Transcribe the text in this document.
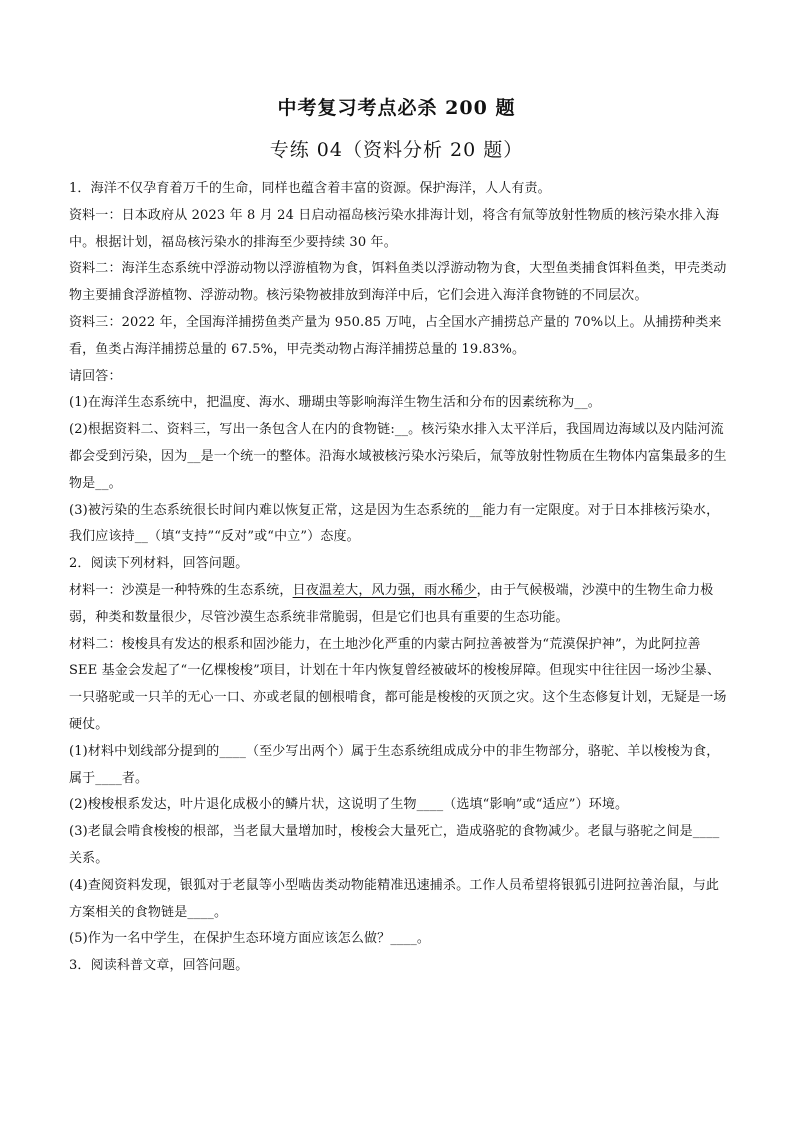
中考复习考点必杀 200 题
专练 04（资料分析 20 题）

1．海洋不仅孕育着万千的生命，同样也蕴含着丰富的资源。保护海洋，人人有责。

资料一：日本政府从 2023 年 8 月 24 日启动福岛核污染水排海计划，将含有氚等放射性物质的核污染水排入海中。根据计划，福岛核污染水的排海至少要持续 30 年。

资料二：海洋生态系统中浮游动物以浮游植物为食，饵料鱼类以浮游动物为食，大型鱼类捕食饵料鱼类，甲壳类动物主要捕食浮游植物、浮游动物。核污染物被排放到海洋中后，它们会进入海洋食物链的不同层次。

资料三：2022 年，全国海洋捕捞鱼类产量为 950.85 万吨，占全国水产捕捞总产量的 70%以上。从捕捞种类来看，鱼类占海洋捕捞总量的 67.5%，甲壳类动物占海洋捕捞总量的 19.83%。

请回答：

(1)在海洋生态系统中，把温度、海水、珊瑚虫等影响海洋生物生活和分布的因素统称为__。

(2)根据资料二、资料三，写出一条包含人在内的食物链:__。核污染水排入太平洋后，我国周边海域以及内陆河流都会受到污染，因为__是一个统一的整体。沿海水域被核污染水污染后，氚等放射性物质在生物体内富集最多的生物是__。

(3)被污染的生态系统很长时间内难以恢复正常，这是因为生态系统的__能力有一定限度。对于日本排核污染水，我们应该持__（填“支持”“反对”或“中立”）态度。

2．阅读下列材料，回答问题。

材料一：沙漠是一种特殊的生态系统，日夜温差大，风力强，雨水稀少，由于气候极端，沙漠中的生物生命力极弱，种类和数量很少，尽管沙漠生态系统非常脆弱，但是它们也具有重要的生态功能。

材料二：梭梭具有发达的根系和固沙能力，在土地沙化严重的内蒙古阿拉善被誉为“荒漠保护神”，为此阿拉善 SEE 基金会发起了“一亿棵梭梭”项目，计划在十年内恢复曾经被破坏的梭梭屏障。但现实中往往因一场沙尘暴、一只骆驼或一只羊的无心一口、亦或老鼠的刨根啃食，都可能是梭梭的灭顶之灾。这个生态修复计划，无疑是一场硬仗。

(1)材料中划线部分提到的____（至少写出两个）属于生态系统组成成分中的非生物部分，骆驼、羊以梭梭为食，属于____者。

(2)梭梭根系发达，叶片退化成极小的鳞片状，这说明了生物____（选填“影响”或“适应”）环境。

(3)老鼠会啃食梭梭的根部，当老鼠大量增加时，梭梭会大量死亡，造成骆驼的食物减少。老鼠与骆驼之间是____关系。

(4)查阅资料发现，银狐对于老鼠等小型啮齿类动物能精准迅速捕杀。工作人员希望将银狐引进阿拉善治鼠，与此方案相关的食物链是____。

(5)作为一名中学生，在保护生态环境方面应该怎么做？____。

3．阅读科普文章，回答问题。
